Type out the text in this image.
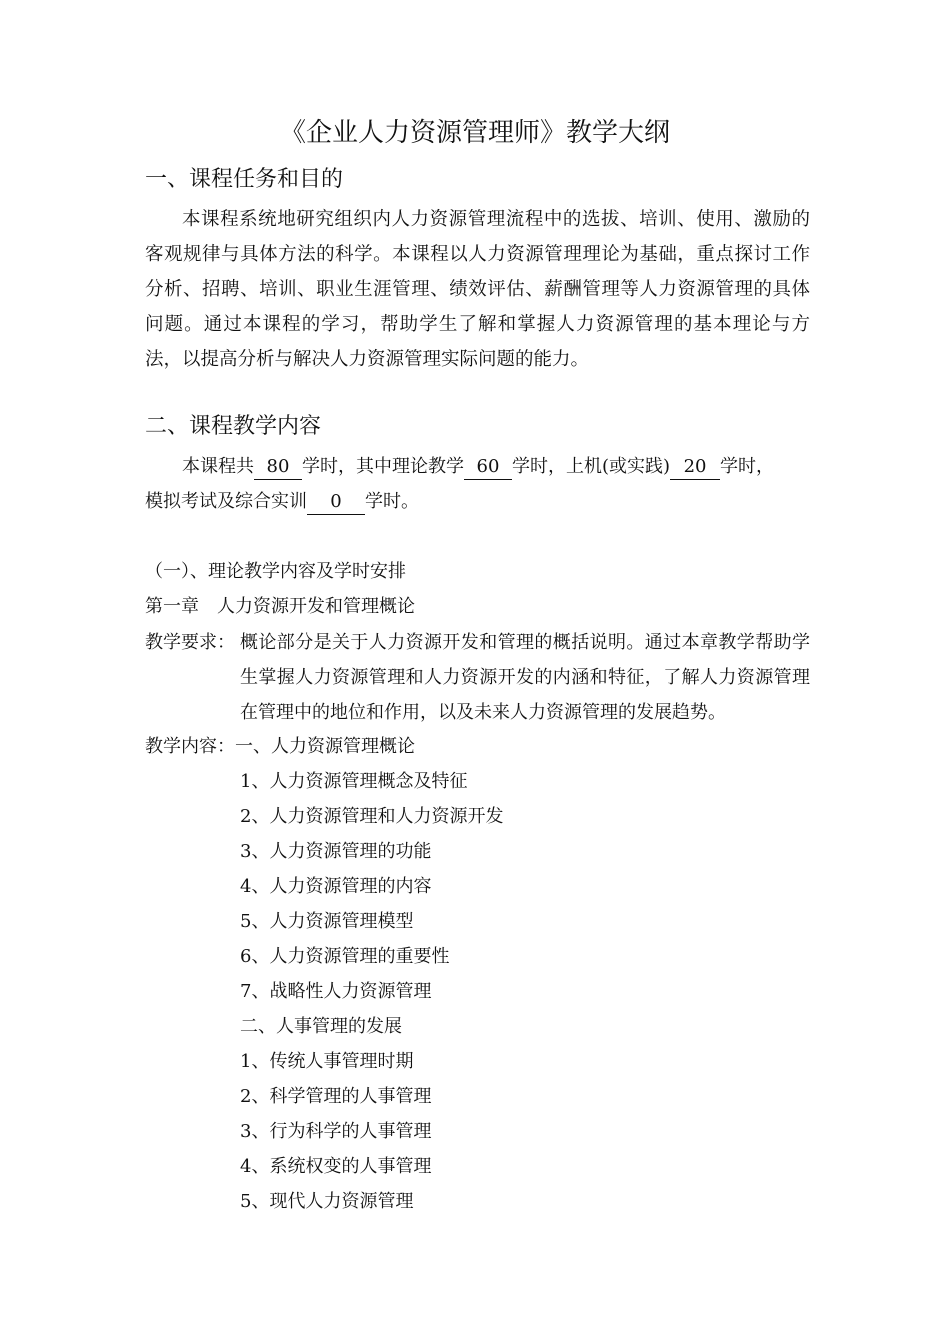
《企业人力资源管理师》教学大纲
一、课程任务和目的

本课程系统地研究组织内人力资源管理流程中的选拔、培训、使用、激励的客观规律与具体方法的科学。本课程以人力资源管理理论为基础，重点探讨工作分析、招聘、培训、职业生涯管理、绩效评估、薪酬管理等人力资源管理的具体问题。通过本课程的学习，帮助学生了解和掌握人力资源管理的基本理论与方法，以提高分析与解决人力资源管理实际问题的能力。

二、课程教学内容
本课程共 80 学时，其中理论教学 60 学时，上机(或实践) 20 学时，
模拟考试及综合实训 0 学时。
（一）、理论教学内容及学时安排
第一章　人力资源开发和管理概论
教学要求： 概论部分是关于人力资源开发和管理的概括说明。通过本章教学帮助学生掌握人力资源管理和人力资源开发的内涵和特征，了解人力资源管理在管理中的地位和作用，以及未来人力资源管理的发展趋势。
教学内容：一、人力资源管理概论
1、人力资源管理概念及特征
2、人力资源管理和人力资源开发
3、人力资源管理的功能
4、人力资源管理的内容
5、人力资源管理模型
6、人力资源管理的重要性
7、战略性人力资源管理
二、人事管理的发展
1、传统人事管理时期
2、科学管理的人事管理
3、行为科学的人事管理
4、系统权变的人事管理
5、现代人力资源管理
